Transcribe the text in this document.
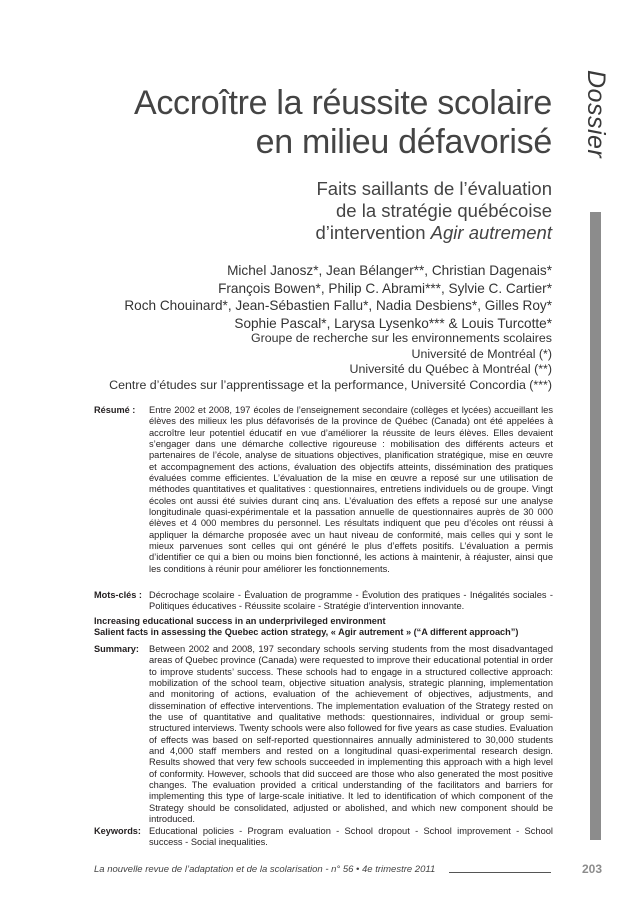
Dossier
Accroître la réussite scolaire
en milieu défavorisé
Faits saillants de l’évaluation
de la stratégie québécoise
d’intervention Agir autrement
Michel Janosz*, Jean Bélanger**, Christian Dagenais*
François Bowen*, Philip C. Abrami***, Sylvie C. Cartier*
Roch Chouinard*, Jean-Sébastien Fallu*, Nadia Desbiens*, Gilles Roy*
Sophie Pascal*, Larysa Lysenko*** & Louis Turcotte*
Groupe de recherche sur les environnements scolaires
Université de Montréal (*)
Université du Québec à Montréal (**)
Centre d’études sur l’apprentissage et la performance, Université Concordia (***)
Résumé : Entre 2002 et 2008, 197 écoles de l’enseignement secondaire (collèges et lycées) accueillant les élèves des milieux les plus défavorisés de la province de Québec (Canada) ont été appelées à accroître leur potentiel éducatif en vue d’améliorer la réussite de leurs élèves. Elles devaient s’engager dans une démarche collective rigoureuse : mobilisation des différents acteurs et partenaires de l’école, analyse de situations objectives, planification stratégique, mise en œuvre et accompagnement des actions, évaluation des objectifs atteints, dissémination des pratiques évaluées comme efficientes. L’évaluation de la mise en œuvre a reposé sur une utilisation de méthodes quantitatives et qualitatives : questionnaires, entretiens individuels ou de groupe. Vingt écoles ont aussi été suivies durant cinq ans. L’évaluation des effets a reposé sur une analyse longitudinale quasi-expérimentale et la passation annuelle de questionnaires auprès de 30 000 élèves et 4 000 membres du personnel. Les résultats indiquent que peu d’écoles ont réussi à appliquer la démarche proposée avec un haut niveau de conformité, mais celles qui y sont le mieux parvenues sont celles qui ont généré le plus d’effets positifs. L’évaluation a permis d’identifier ce qui a bien ou moins bien fonctionné, les actions à maintenir, à réajuster, ainsi que les conditions à réunir pour améliorer les fonctionnements.
Mots-clés : Décrochage scolaire - Évaluation de programme - Évolution des pratiques - Inégalités sociales - Politiques éducatives - Réussite scolaire - Stratégie d’intervention innovante.
Increasing educational success in an underprivileged environment
Salient facts in assessing the Quebec action strategy, « Agir autrement » (“A different approach”)
Summary: Between 2002 and 2008, 197 secondary schools serving students from the most disadvantaged areas of Quebec province (Canada) were requested to improve their educational potential in order to improve students’ success. These schools had to engage in a structured collective approach: mobilization of the school team, objective situation analysis, strategic planning, implementation and monitoring of actions, evaluation of the achievement of objectives, adjustments, and dissemination of effective interventions. The implementation evaluation of the Strategy rested on the use of quantitative and qualitative methods: questionnaires, individual or group semi-structured interviews. Twenty schools were also followed for five years as case studies. Evaluation of effects was based on self-reported questionnaires annually administered to 30,000 students and 4,000 staff members and rested on a longitudinal quasi-experimental research design. Results showed that very few schools succeeded in implementing this approach with a high level of conformity. However, schools that did succeed are those who also generated the most positive changes. The evaluation provided a critical understanding of the facilitators and barriers for implementing this type of large-scale initiative. It led to identification of which component of the Strategy should be consolidated, adjusted or abolished, and which new component should be introduced.
Keywords: Educational policies - Program evaluation - School dropout - School improvement - School success - Social inequalities.
La nouvelle revue de l’adaptation et de la scolarisation - n° 56 • 4e trimestre 2011	203
